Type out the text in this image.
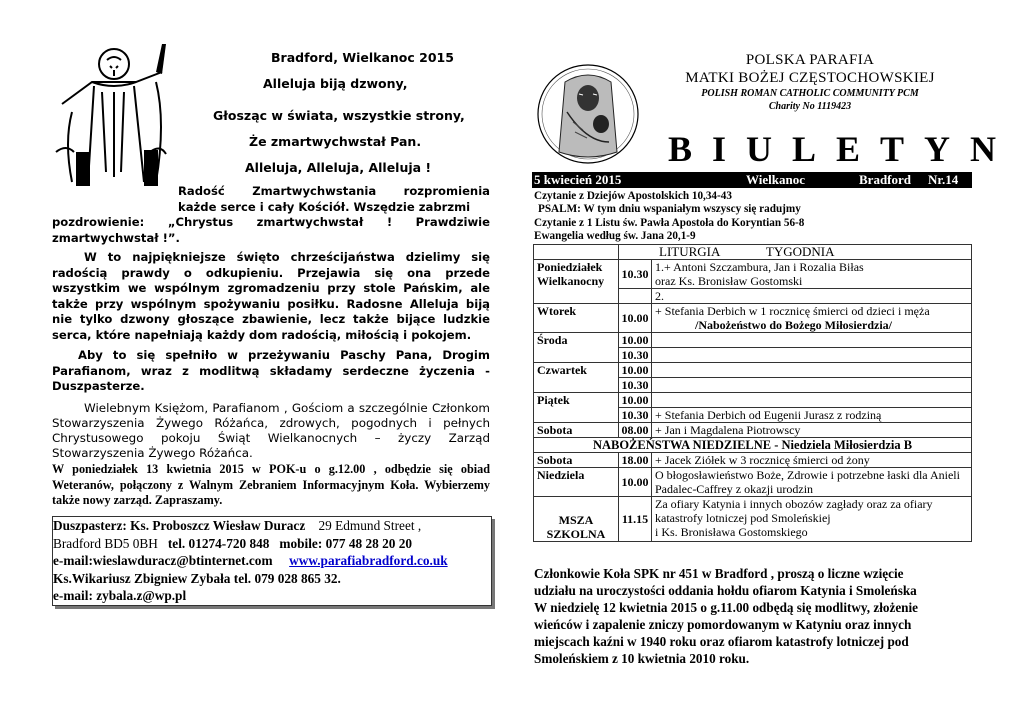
Bradford, Wielkanoc 2015
Alleluja biją dzwony,
Głosząc w świata, wszystkie strony,
Że zmartwychwstał Pan.
Alleluja, Alleluja, Alleluja !
Radość Zmartwychwstania rozpromienia
każde serce i cały Kościół. Wszędzie zabrzmi
pozdrowienie: „Chrystus zmartwychwstał ! Prawdziwie zmartwychwstał !”.

W to najpiękniejsze święto chrześcijaństwa dzielimy się radością prawdy o odkupieniu. Przejawia się ona przede wszystkim we wspólnym zgromadzeniu przy stole Pańskim, ale także przy wspólnym spożywaniu posiłku. Radosne Alleluja biją nie tylko dzwony głoszące zbawienie, lecz także bijące ludzkie serca, które napełniają każdy dom radością, miłością i pokojem.

Aby to się spełniło w przeżywaniu Paschy Pana, Drogim Parafianom, wraz z modlitwą składamy serdeczne życzenia - Duszpasterze.

Wielebnym Księżom, Parafianom , Gościom a szczególnie Członkom Stowarzyszenia Żywego Różańca, zdrowych, pogodnych i pełnych Chrystusowego pokoju Świąt Wielkanocnych – życzy Zarząd Stowarzyszenia Żywego Różańca.

W poniedziałek 13 kwietnia 2015 w POK-u o g.12.00 , odbędzie się obiad Weteranów, połączony z Walnym Zebraniem Informacyjnym Koła. Wybierzemy także nowy zarząd. Zapraszamy.

Duszpasterz: Ks. Proboszcz Wiesław Duracz 29 Edmund Street ,
Bradford BD5 0BH tel. 01274-720 848 mobile: 077 48 28 20 20
e-mail:wieslawduracz@btinternet.com www.parafiabradford.co.uk
Ks.Wikariusz Zbigniew Zybała tel. 079 028 865 32.
e-mail: zybala.z@wp.pl
POLSKA PARAFIA
MATKI BOŻEJ CZĘSTOCHOWSKIEJ
POLISH ROMAN CATHOLIC COMMUNITY PCM
Charity No 1119423
BIULETYN
5 kwiecień 2015	Wielkanoc	Bradford Nr.14
Czytanie z Dziejów Apostolskich 10,34-43
PSALM: W tym dniu wspaniałym wszyscy się radujmy
Czytanie z 1 Listu św. Pawła Apostoła do Koryntian 56-8
Ewangelia według św. Jana 20,1-9
	LITURGIA TYGODNIA	
Poniedziałek Wielkanocny	10.30	1.+ Antoni Szczambura, Jan i Rozalia Biłas
oraz Ks. Bronisław Gostomski

		2.
Wtorek	10.00	+ Stefania Derbich w 1 rocznicę śmierci od dzieci i męża
/Nabożeństwo do Bożego Miłosierdzia/

Środa	10.00	
	10.30	
Czwartek	10.00	
	10.30	
Piątek	10.00	
	10.30	+ Stefania Derbich od Eugenii Jurasz z rodziną
Sobota	08.00	+ Jan i Magdalena Piotrowscy
NABOŻEŃSTWA NIEDZIELNE - Niedziela Miłosierdzia B		
Sobota	18.00	+ Jacek Ziółek w 3 rocznicę śmierci od żony
Niedziela	10.00	O błogosławieństwo Boże, Zdrowie i potrzebne łaski dla Anieli Padalec-Caffrey z okazji urodzin
MSZA SZKOLNA	11.15	Za ofiary Katynia i innych obozów zagłady oraz za ofiary katastrofy lotniczej pod Smoleńskiej
i Ks. Bronisława Gostomskiego
Członkowie Koła SPK nr 451 w Bradford , proszą o liczne wzięcie
udziału na uroczystości oddania hołdu ofiarom Katynia i Smoleńska
W niedzielę 12 kwietnia 2015 o g.11.00 odbędą się modlitwy, złożenie
wieńców i zapalenie zniczy pomordowanym w Katyniu oraz innych
miejscach kaźni w 1940 roku oraz ofiarom katastrofy lotniczej pod
Smoleńskiem z 10 kwietnia 2010 roku.
